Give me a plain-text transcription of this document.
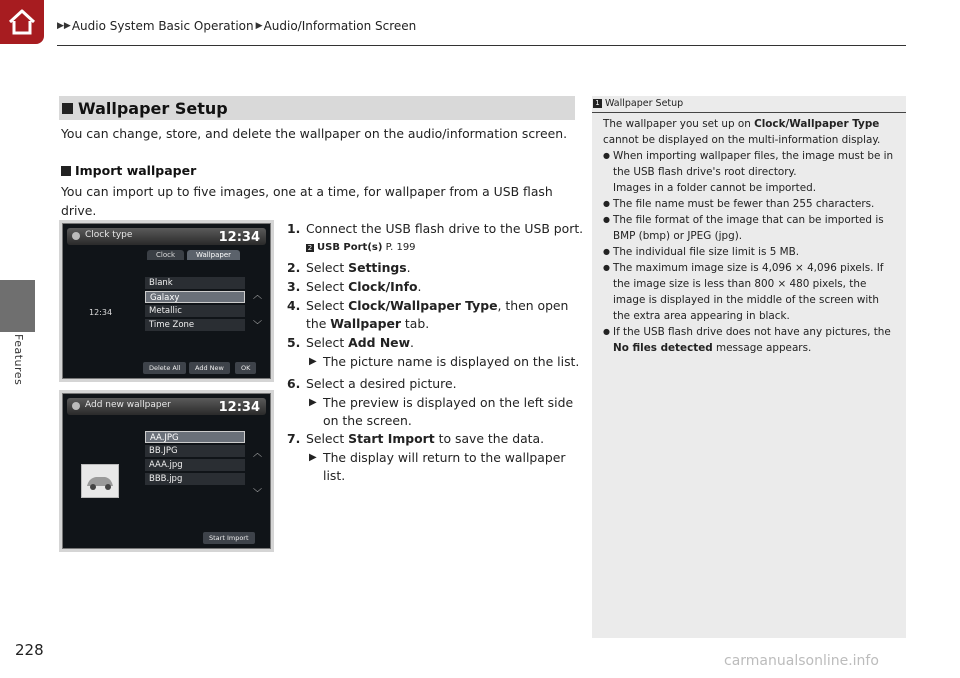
▶▶ Audio System Basic Operation ▶ Audio/Information Screen
Features
Wallpaper Setup
You can change, store, and delete the wallpaper on the audio/information screen.
Import wallpaper
You can import up to five images, one at a time, for wallpaper from a USB flash drive.
Clock type	12:34
Clock	Wallpaper
12:34
Blank
Galaxy
Metallic
Time Zone
︿
﹀
Delete All	Add New	OK
Add new wallpaper	12:34
AA.JPG
BB.JPG
AAA.jpg
BBB.jpg
︿
﹀
Start Import
1. Connect the USB flash drive to the USB port.
2 USB Port(s) P. 199
2. Select Settings.
3. Select Clock/Info.
4. Select Clock/Wallpaper Type, then open the Wallpaper tab.
5. Select Add New.
▶ The picture name is displayed on the list.
6. Select a desired picture.
▶ The preview is displayed on the left side on the screen.
7. Select Start Import to save the data.
▶ The display will return to the wallpaper list.
1 Wallpaper Setup
The wallpaper you set up on Clock/Wallpaper Type cannot be displayed on the multi-information display.
● When importing wallpaper files, the image must be in the USB flash drive's root directory.
Images in a folder cannot be imported.
● The file name must be fewer than 255 characters.
● The file format of the image that can be imported is BMP (bmp) or JPEG (jpg).
● The individual file size limit is 5 MB.
● The maximum image size is 4,096 × 4,096 pixels. If the image size is less than 800 × 480 pixels, the image is displayed in the middle of the screen with the extra area appearing in black.
● If the USB flash drive does not have any pictures, the No files detected message appears.
228
carmanualsonline.info
